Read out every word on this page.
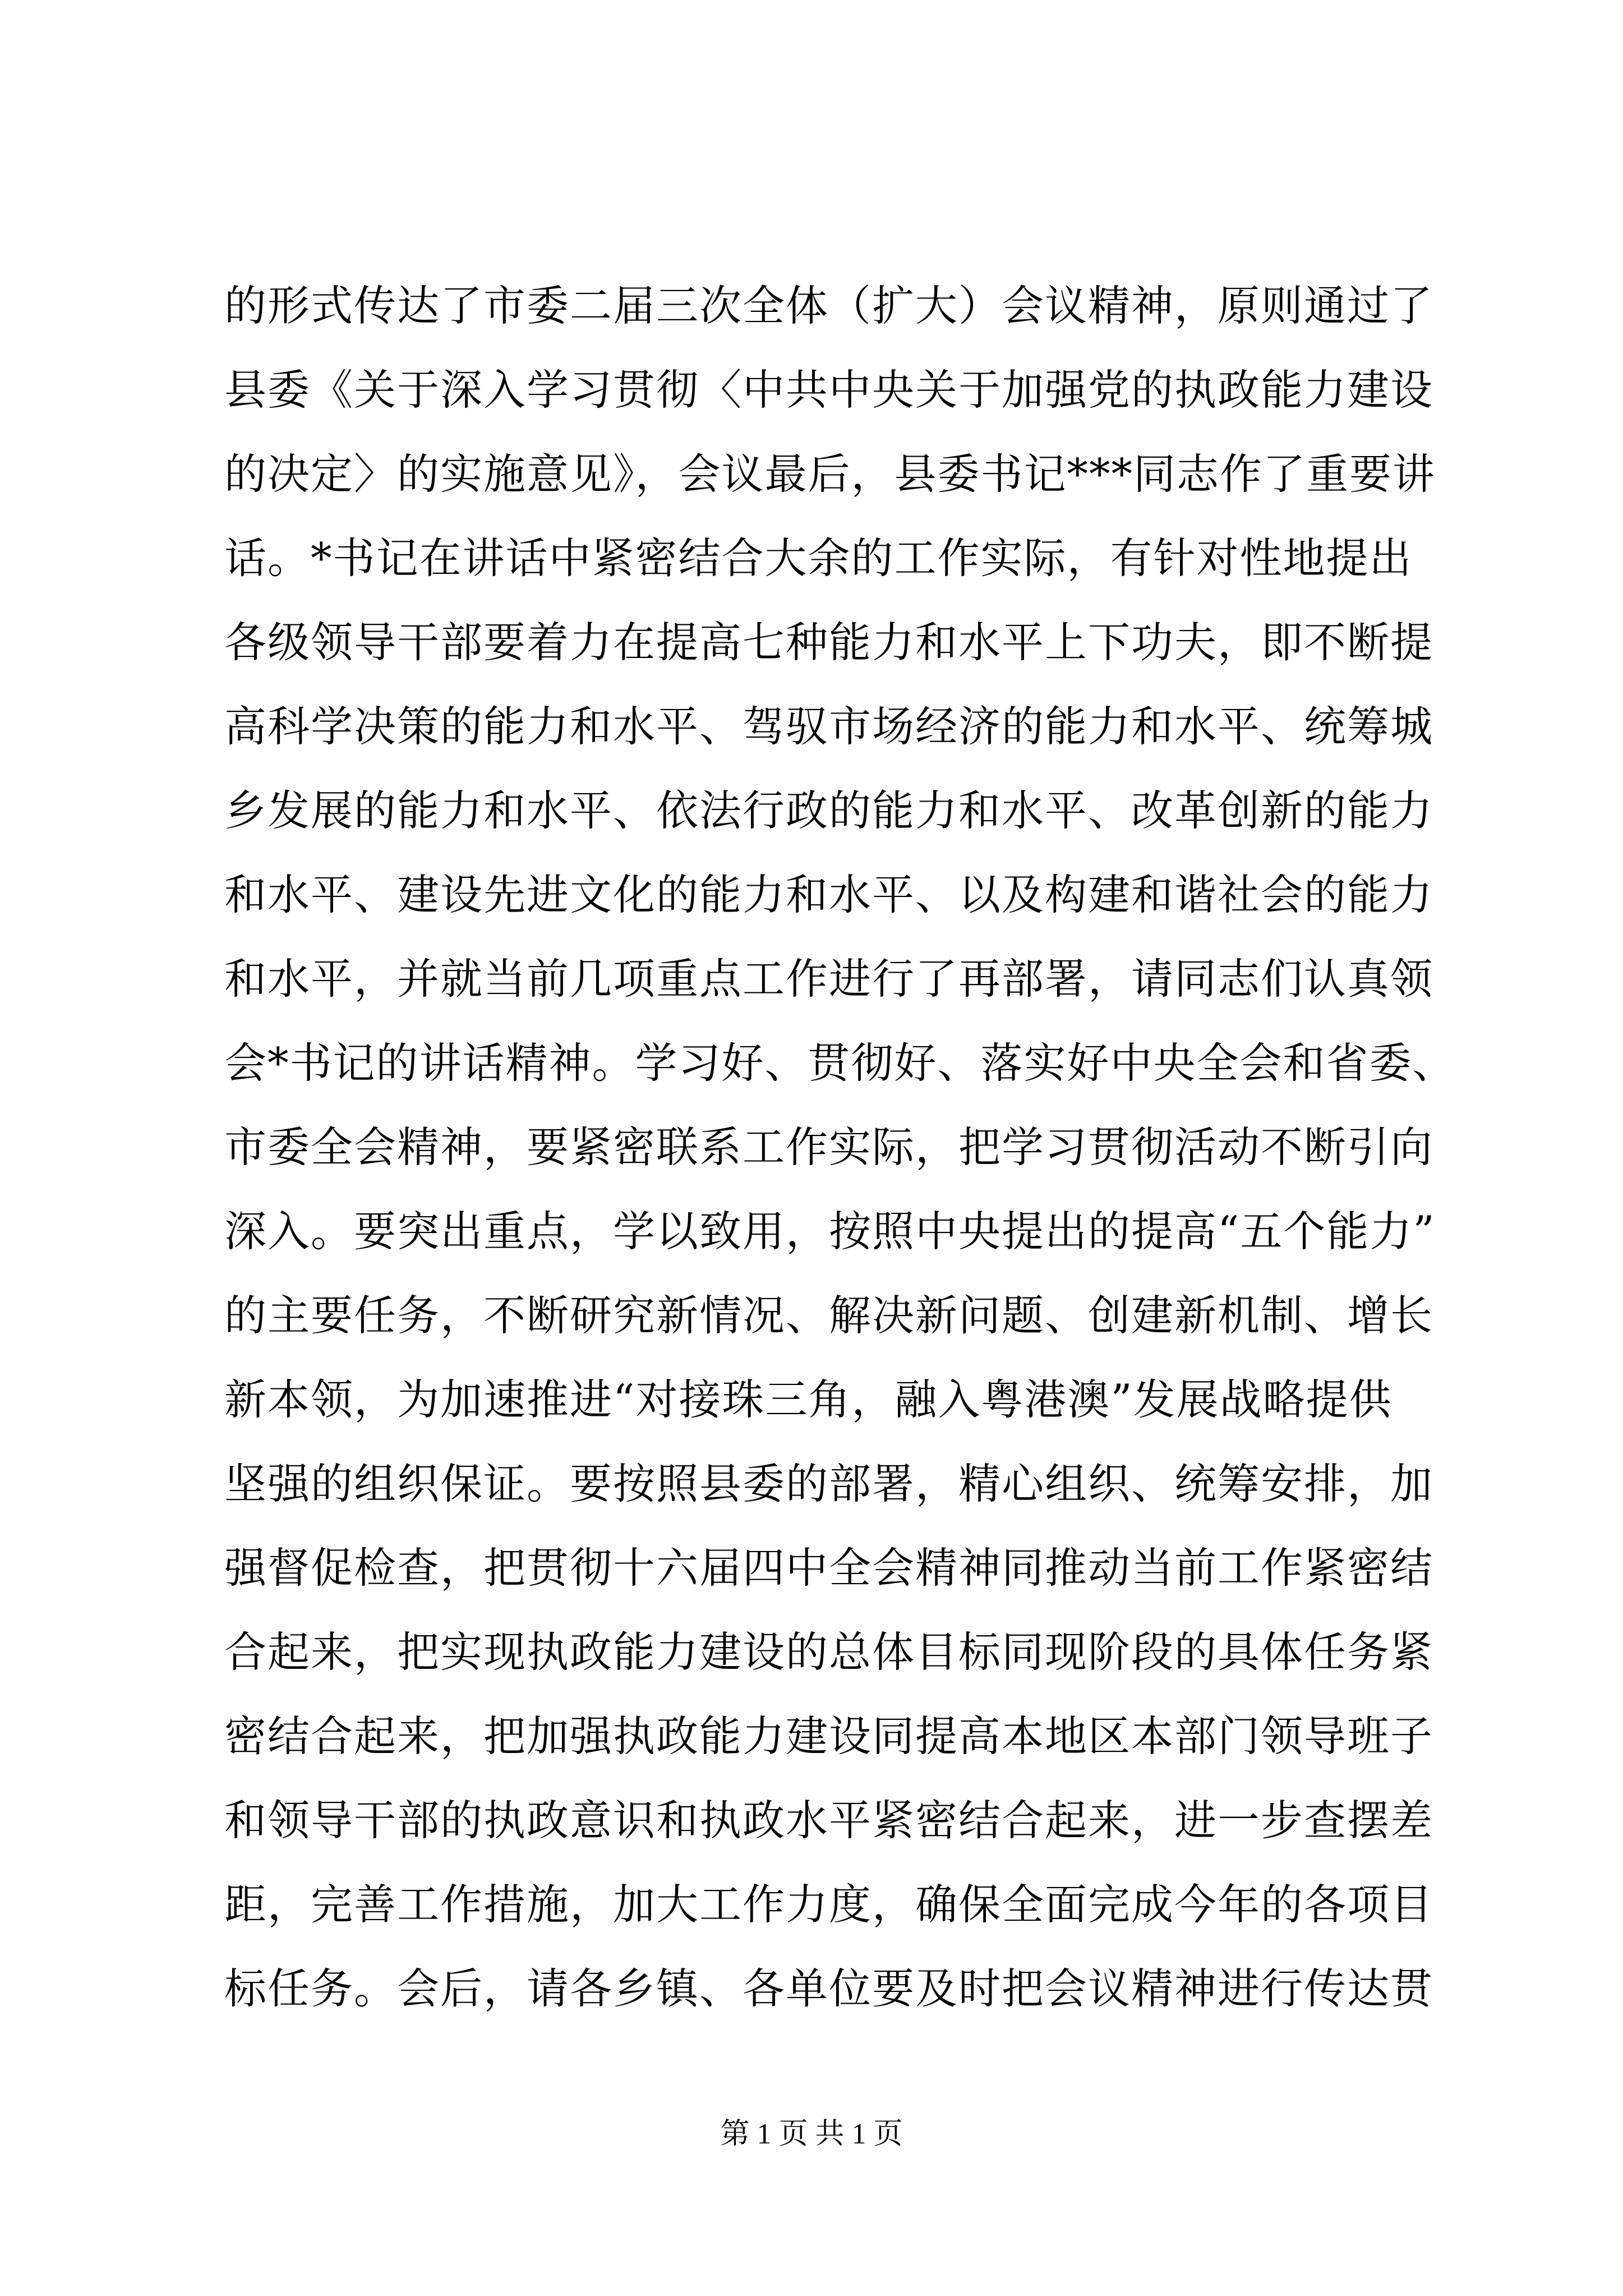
的形式传达了市委二届三次全体（扩大）会议精神，原则通过了
县委《关于深入学习贯彻〈中共中央关于加强党的执政能力建设
的决定〉的实施意见》，会议最后，县委书记***同志作了重要讲
话。*书记在讲话中紧密结合大余的工作实际，有针对性地提出
各级领导干部要着力在提高七种能力和水平上下功夫，即不断提
高科学决策的能力和水平、驾驭市场经济的能力和水平、统筹城
乡发展的能力和水平、依法行政的能力和水平、改革创新的能力
和水平、建设先进文化的能力和水平、以及构建和谐社会的能力
和水平，并就当前几项重点工作进行了再部署，请同志们认真领
会*书记的讲话精神。学习好、贯彻好、落实好中央全会和省委、
市委全会精神，要紧密联系工作实际，把学习贯彻活动不断引向
深入。要突出重点，学以致用，按照中央提出的提高“五个能力”
的主要任务，不断研究新情况、解决新问题、创建新机制、增长
新本领，为加速推进“对接珠三角，融入粤港澳”发展战略提供
坚强的组织保证。要按照县委的部署，精心组织、统筹安排，加
强督促检查，把贯彻十六届四中全会精神同推动当前工作紧密结
合起来，把实现执政能力建设的总体目标同现阶段的具体任务紧
密结合起来，把加强执政能力建设同提高本地区本部门领导班子
和领导干部的执政意识和执政水平紧密结合起来，进一步查摆差
距，完善工作措施，加大工作力度，确保全面完成今年的各项目
标任务。会后，请各乡镇、各单位要及时把会议精神进行传达贯
第 1 页 共 1 页
